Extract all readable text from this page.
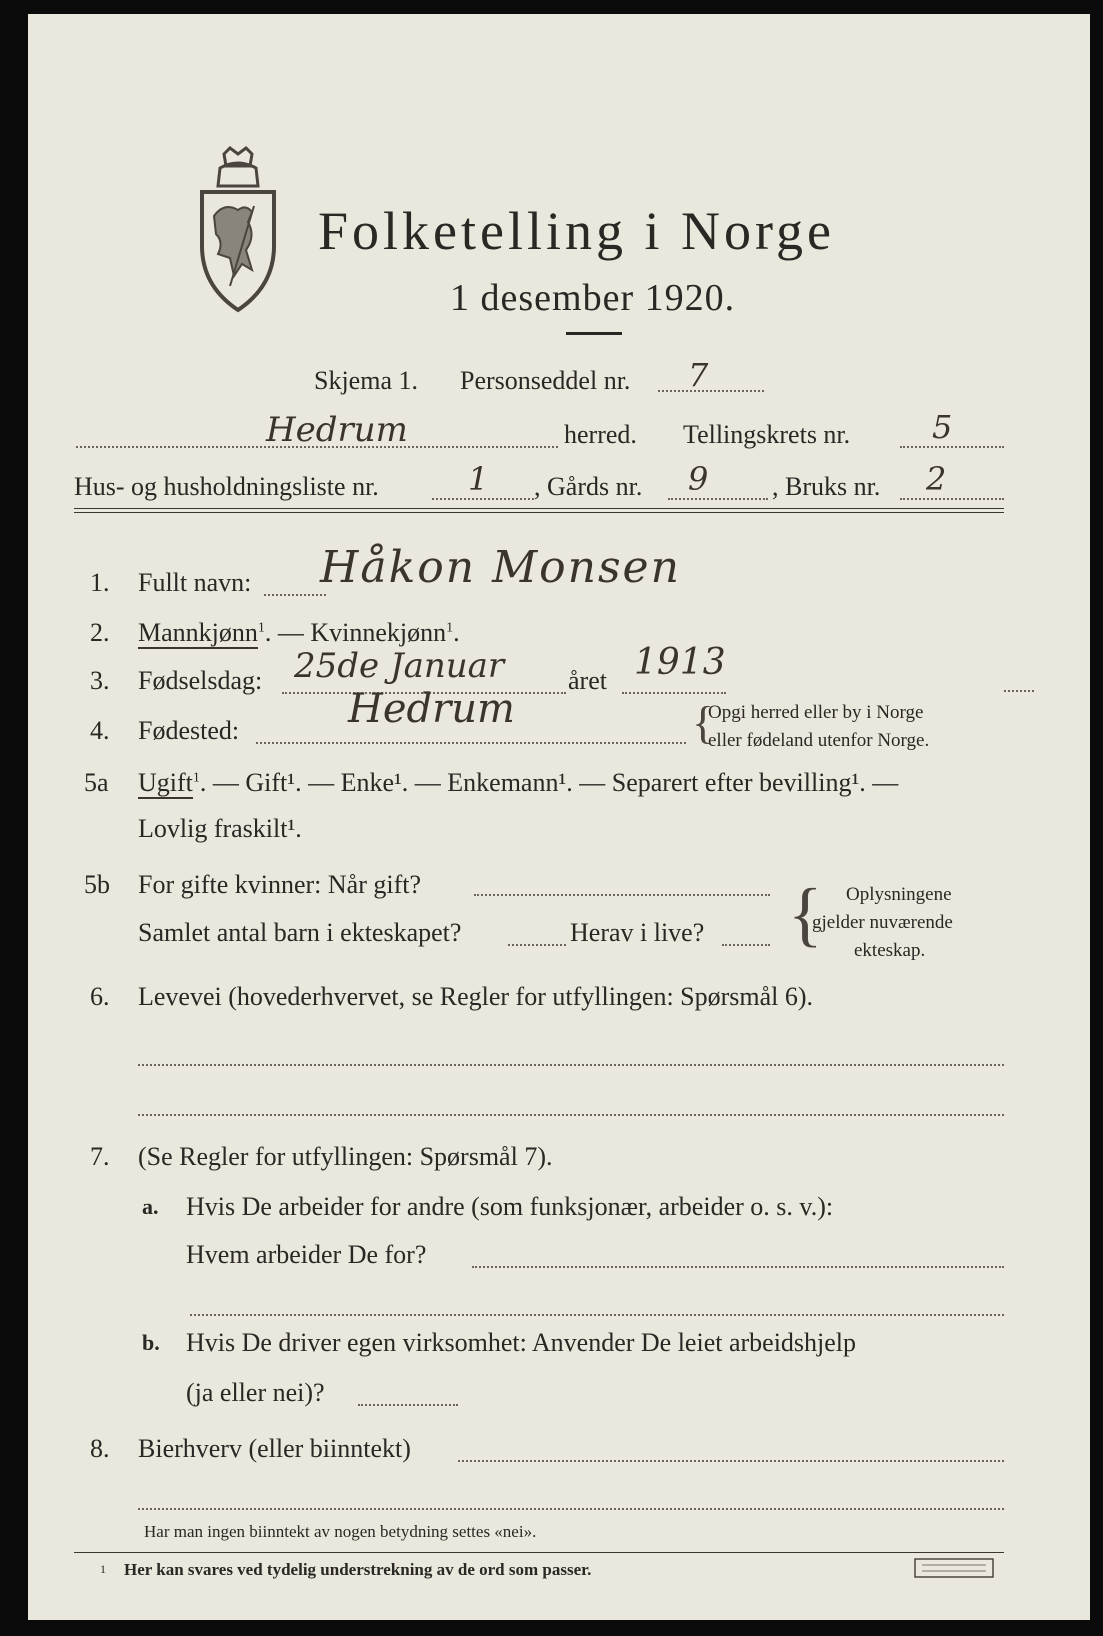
Folketelling i Norge
1 desember 1920.
Skjema 1. Personseddel nr. 7
Hedrum	herred. Tellingskrets nr.	5
Hus- og husholdningsliste nr.	1 , Gårds nr. 9 , Bruks nr. 2
1. Fullt navn: Håkon Monsen
2. Mannkjønn$^1$. — Kvinnekjønn$^1$.
3. Fødselsdag: 25de Januar året 1913
4. Fødested:	Hedrum	{
Opgi herred eller by i Norge
eller fødeland utenfor Norge.
5a Ugift$^1$. — Gift¹. — Enke¹. — Enkemann¹. — Separert efter bevilling¹. —
Lovlig fraskilt¹.
5b For gifte kvinner: Når gift?
Samlet antal barn i ekteskapet?	Herav i live? { Oplysningene
gjelder nuværende
ekteskap.
6. Levevei (hovederhvervet, se Regler for utfyllingen: Spørsmål 6).
7. (Se Regler for utfyllingen: Spørsmål 7).
a. Hvis De arbeider for andre (som funksjonær, arbeider o. s. v.):
Hvem arbeider De for?
b. Hvis De driver egen virksomhet: Anvender De leiet arbeidshjelp
(ja eller nei)?
8. Bierhverv (eller biinntekt)
Har man ingen biinntekt av nogen betydning settes «nei».
1 Her kan svares ved tydelig understrekning av de ord som passer.
